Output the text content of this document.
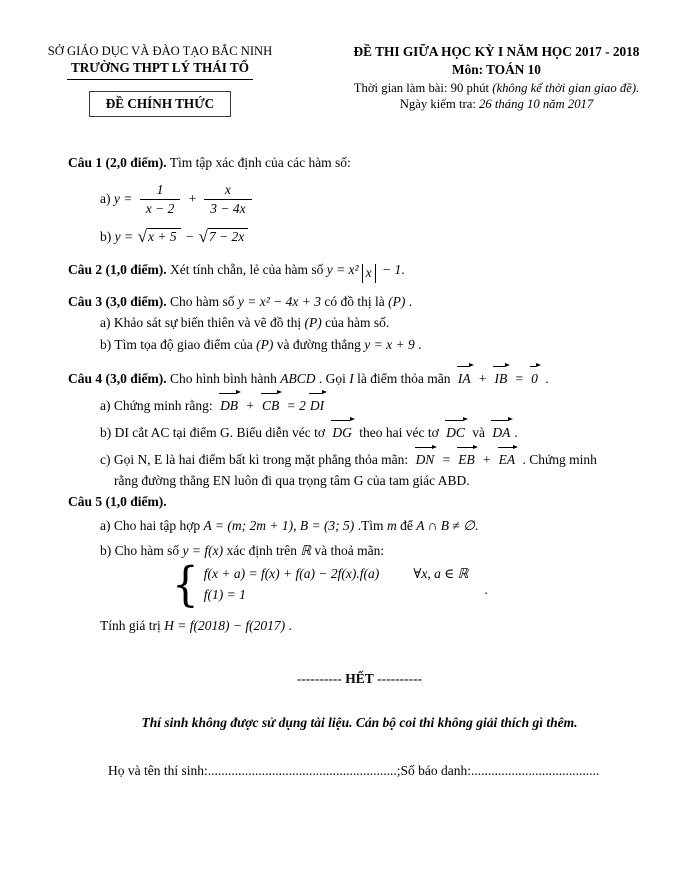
SỞ GIÁO DỤC VÀ ĐÀO TẠO BẮC NINH
TRƯỜNG THPT LÝ THÁI TỔ
ĐỀ CHÍNH THỨC
ĐỀ THI GIỮA HỌC KỲ I NĂM HỌC 2017 - 2018
Môn: TOÁN 10
Thời gian làm bài: 90 phút (không kể thời gian giao đề).
Ngày kiểm tra: 26 tháng 10 năm 2017
Câu 1 (2,0 điểm). Tìm tập xác định của các hàm số:
a) $y = \frac{1}{x - 2} + \frac{x}{3 - 4x}$
b) y = √x + 5 − √7 − 2x
Câu 2 (1,0 điểm). Xét tính chẵn, lẻ của hàm số y = x² x − 1.
Câu 3 (3,0 điểm). Cho hàm số y = x² − 4x + 3 có đồ thị là (P) .
a) Khảo sát sự biến thiên và vẽ đồ thị (P) của hàm số.
b) Tìm tọa độ giao điểm của (P) và đường thẳng y = x + 9 .
Câu 4 (3,0 điểm). Cho hình bình hành ABCD . Gọi I là điểm thỏa mãn IA + IB = 0 .
a) Chứng minh rằng: DB + CB = 2 DI
b) DI cắt AC tại điểm G. Biểu diễn véc tơ DG theo hai véc tơ DC và DA .
c) Gọi N, E là hai điểm bất kì trong mặt phẳng thỏa mãn: DN = EB + EA . Chứng minh
rằng đường thẳng EN luôn đi qua trọng tâm G của tam giác ABD.
Câu 5 (1,0 điểm).
a) Cho hai tập hợp A = (m; 2m + 1), B = (3; 5) .Tìm m để A ∩ B ≠ ∅.
b) Cho hàm số y = f(x) xác định trên ℝ và thoả mãn:
{ f(x + a) = f(x) + f(a) − 2f(x).f(a)	∀x, a ∈ ℝ
f(1) = 1	.
Tính giá trị H = f(2018) − f(2017) .
---------- HẾT ----------
Thí sinh không được sử dụng tài liệu. Cán bộ coi thi không giải thích gì thêm.
Họ và tên thí sinh:........................................................;Số báo danh:......................................
